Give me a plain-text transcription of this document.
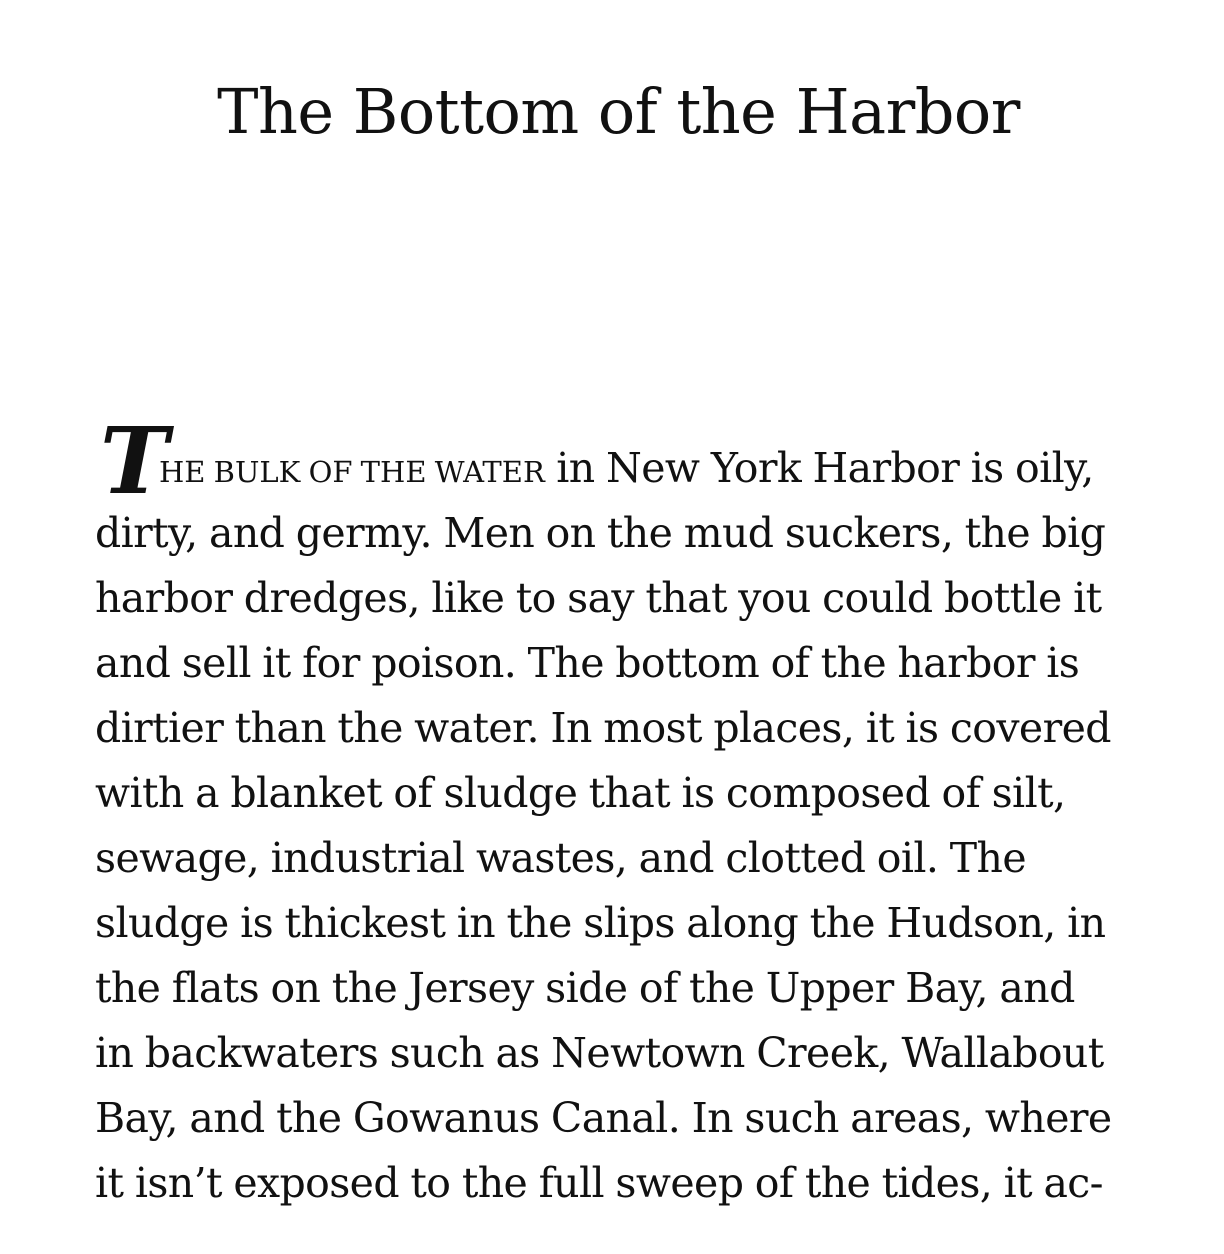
The Bottom of the Harbor
T
HE BULK OF THE WATER in New York Harbor is oily,
dirty, and germy. Men on the mud suckers, the big
harbor dredges, like to say that you could bottle it
and sell it for poison. The bottom of the harbor is
dirtier than the water. In most places, it is covered
with a blanket of sludge that is composed of silt,
sewage, industrial wastes, and clotted oil. The
sludge is thickest in the slips along the Hudson, in
the flats on the Jersey side of the Upper Bay, and
in backwaters such as Newtown Creek, Wallabout
Bay, and the Gowanus Canal. In such areas, where
it isn’t exposed to the full sweep of the tides, it ac-
